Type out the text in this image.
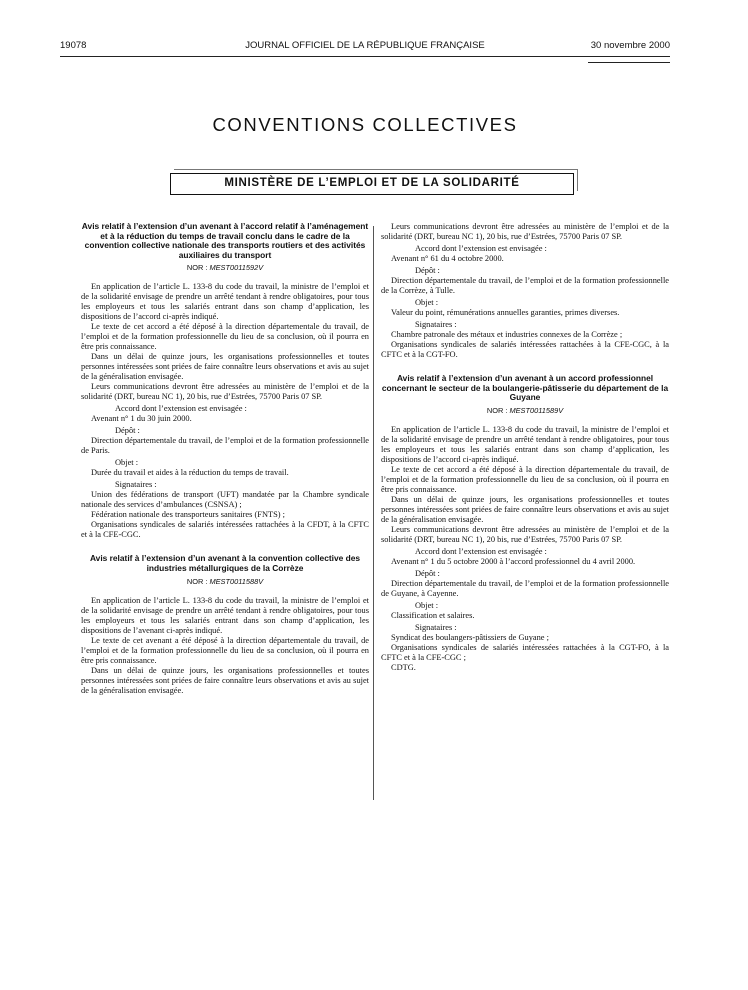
19078	JOURNAL OFFICIEL DE LA RÉPUBLIQUE FRANÇAISE	30 novembre 2000
CONVENTIONS COLLECTIVES
MINISTÈRE DE L’EMPLOI ET DE LA SOLIDARITÉ

Avis relatif à l’extension d’un avenant à l’accord relatif à l’aménagement et à la réduction du temps de travail conclu dans le cadre de la convention collective nationale des transports routiers et des activités auxiliaires du transport

NOR : MEST0011592V

En application de l’article L. 133-8 du code du travail, la ministre de l’emploi et de la solidarité envisage de prendre un arrêté tendant à rendre obligatoires, pour tous les employeurs et tous les salariés entrant dans son champ d’application, les dispositions de l’accord ci-après indiqué.

Le texte de cet accord a été déposé à la direction départementale du travail, de l’emploi et de la formation professionnelle du lieu de sa conclusion, où il pourra en être pris connaissance.

Dans un délai de quinze jours, les organisations professionnelles et toutes personnes intéressées sont priées de faire connaître leurs observations et avis au sujet de la généralisation envisagée.

Leurs communications devront être adressées au ministère de l’emploi et de la solidarité (DRT, bureau NC 1), 20 bis, rue d’Estrées, 75700 Paris 07 SP.

Accord dont l’extension est envisagée :

Avenant n° 1 du 30 juin 2000.

Dépôt :

Direction départementale du travail, de l’emploi et de la formation professionnelle de Paris.

Objet :

Durée du travail et aides à la réduction du temps de travail.

Signataires :

Union des fédérations de transport (UFT) mandatée par la Chambre syndicale nationale des services d’ambulances (CSNSA) ;

Fédération nationale des transporteurs sanitaires (FNTS) ;

Organisations syndicales de salariés intéressées rattachées à la CFDT, à la CFTC et à la CFE-CGC.

Avis relatif à l’extension d’un avenant à la convention collective des industries métallurgiques de la Corrèze

NOR : MEST0011588V

En application de l’article L. 133-8 du code du travail, la ministre de l’emploi et de la solidarité envisage de prendre un arrêté tendant à rendre obligatoires, pour tous les employeurs et tous les salariés entrant dans son champ d’application, les dispositions de l’avenant ci-après indiqué.

Le texte de cet avenant a été déposé à la direction départementale du travail, de l’emploi et de la formation professionnelle du lieu de sa conclusion, où il pourra en être pris connaissance.

Dans un délai de quinze jours, les organisations professionnelles et toutes personnes intéressées sont priées de faire connaître leurs observations et avis au sujet de la généralisation envisagée.

Leurs communications devront être adressées au ministère de l’emploi et de la solidarité (DRT, bureau NC 1), 20 bis, rue d’Estrées, 75700 Paris 07 SP.

Accord dont l’extension est envisagée :

Avenant n° 61 du 4 octobre 2000.

Dépôt :

Direction départementale du travail, de l’emploi et de la formation professionnelle de la Corrèze, à Tulle.

Objet :

Valeur du point, rémunérations annuelles garanties, primes diverses.

Signataires :

Chambre patronale des métaux et industries connexes de la Corrèze ;

Organisations syndicales de salariés intéressées rattachées à la CFE-CGC, à la CFTC et à la CGT-FO.

Avis relatif à l’extension d’un avenant à un accord professionnel concernant le secteur de la boulangerie-pâtisserie du département de la Guyane

NOR : MEST0011589V

En application de l’article L. 133-8 du code du travail, la ministre de l’emploi et de la solidarité envisage de prendre un arrêté tendant à rendre obligatoires, pour tous les employeurs et tous les salariés entrant dans son champ d’application, les dispositions de l’accord ci-après indiqué.

Le texte de cet accord a été déposé à la direction départementale du travail, de l’emploi et de la formation professionnelle du lieu de sa conclusion, où il pourra en être pris connaissance.

Dans un délai de quinze jours, les organisations professionnelles et toutes personnes intéressées sont priées de faire connaître leurs observations et avis au sujet de la généralisation envisagée.

Leurs communications devront être adressées au ministère de l’emploi et de la solidarité (DRT, bureau NC 1), 20 bis, rue d’Estrées, 75700 Paris 07 SP.

Accord dont l’extension est envisagée :

Avenant n° 1 du 5 octobre 2000 à l’accord professionnel du 4 avril 2000.

Dépôt :

Direction départementale du travail, de l’emploi et de la formation professionnelle de Guyane, à Cayenne.

Objet :

Classification et salaires.

Signataires :

Syndicat des boulangers-pâtissiers de Guyane ;

Organisations syndicales de salariés intéressées rattachées à la CGT-FO, à la CFTC et à la CFE-CGC ;

CDTG.
